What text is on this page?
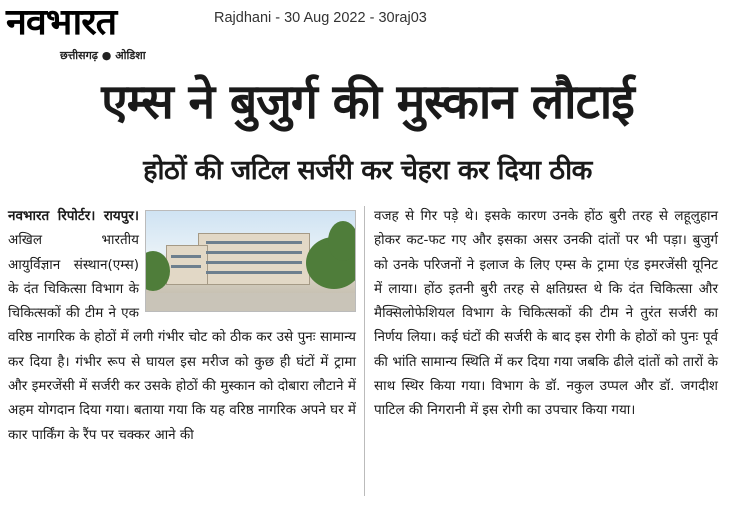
नवभारत
छत्तीसगढ़ ● ओडिशा
Rajdhani - 30 Aug 2022 - 30raj03
एम्स ने बुजुर्ग की मुस्कान लौटाई
होठों की जटिल सर्जरी कर चेहरा कर दिया ठीक

नवभारत रिपोर्टर। रायपुर। अखिल भारतीय आयुर्विज्ञान संस्थान(एम्स) के दंत चिकित्सा विभाग के चिकित्सकों की टीम ने एक वरिष्ठ नागरिक के होठों में लगी गंभीर चोट को ठीक कर उसे पुनः सामान्य कर दिया है। गंभीर रूप से घायल इस मरीज को कुछ ही घंटों में ट्रामा और इमरजेंसी में सर्जरी कर उसके होठों की मुस्कान को दोबारा लौटाने में अहम योगदान दिया गया। बताया गया कि यह वरिष्ठ नागरिक अपने घर में कार पार्किंग के रैंप पर चक्कर आने की

वजह से गिर पड़े थे। इसके कारण उनके होंठ बुरी तरह से लहूलुहान होकर कट-फट गए और इसका असर उनकी दांतों पर भी पड़ा। बुजुर्ग को उनके परिजनों ने इलाज के लिए एम्स के ट्रामा एंड इमरजेंसी यूनिट में लाया। होंठ इतनी बुरी तरह से क्षतिग्रस्त थे कि दंत चिकित्सा और मैक्सिलोफेशियल विभाग के चिकित्सकों की टीम ने तुरंत सर्जरी का निर्णय लिया। कई घंटों की सर्जरी के बाद इस रोगी के होठों को पुनः पूर्व की भांति सामान्य स्थिति में कर दिया गया जबकि ढीले दांतों को तारों के साथ स्थिर किया गया। विभाग के डॉ. नकुल उप्पल और डॉ. जगदीश पाटिल की निगरानी में इस रोगी का उपचार किया गया।
